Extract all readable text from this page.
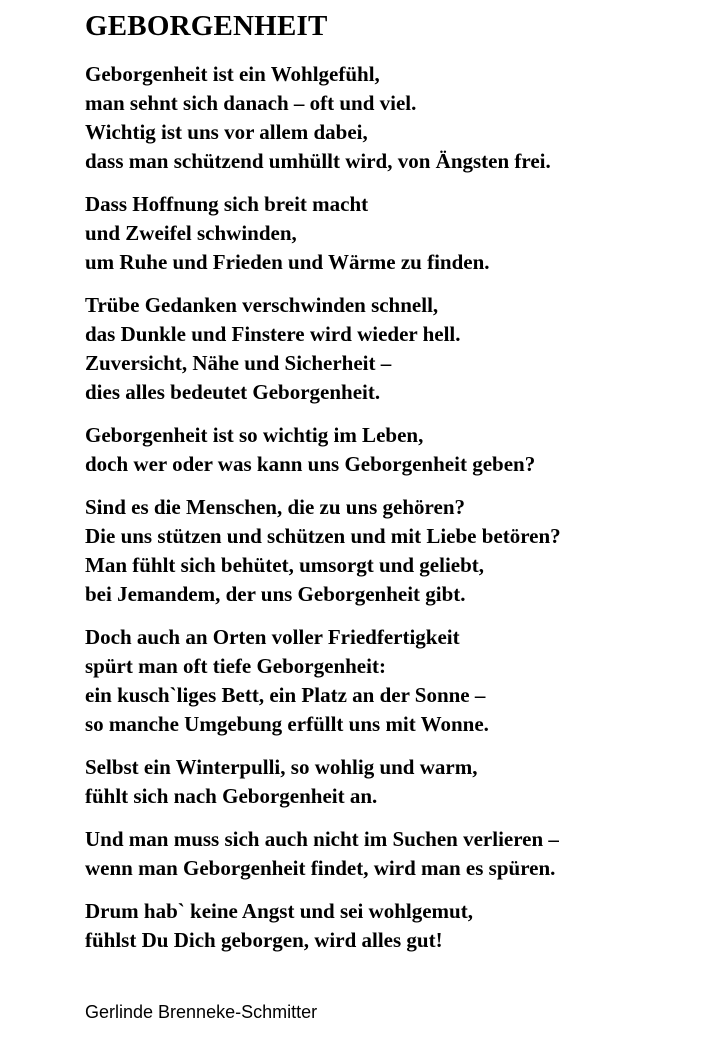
GEBORGENHEIT

Geborgenheit ist ein Wohlgefühl,
man sehnt sich danach – oft und viel.
Wichtig ist uns vor allem dabei,
dass man schützend umhüllt wird, von Ängsten frei.

Dass Hoffnung sich breit macht
und Zweifel schwinden,
um Ruhe und Frieden und Wärme zu finden.

Trübe Gedanken verschwinden schnell,
das Dunkle und Finstere wird wieder hell.
Zuversicht, Nähe und Sicherheit –
dies alles bedeutet Geborgenheit.

Geborgenheit ist so wichtig im Leben,
doch wer oder was kann uns Geborgenheit geben?

Sind es die Menschen, die zu uns gehören?
Die uns stützen und schützen und mit Liebe betören?
Man fühlt sich behütet, umsorgt und geliebt,
bei Jemandem, der uns Geborgenheit gibt.

Doch auch an Orten voller Friedfertigkeit
spürt man oft tiefe Geborgenheit:
ein kusch`liges Bett, ein Platz an der Sonne –
so manche Umgebung erfüllt uns mit Wonne.

Selbst ein Winterpulli, so wohlig und warm,
fühlt sich nach Geborgenheit an.

Und man muss sich auch nicht im Suchen verlieren –
wenn man Geborgenheit findet, wird man es spüren.

Drum hab` keine Angst und sei wohlgemut,
fühlst Du Dich geborgen, wird alles gut!

Gerlinde Brenneke-Schmitter
